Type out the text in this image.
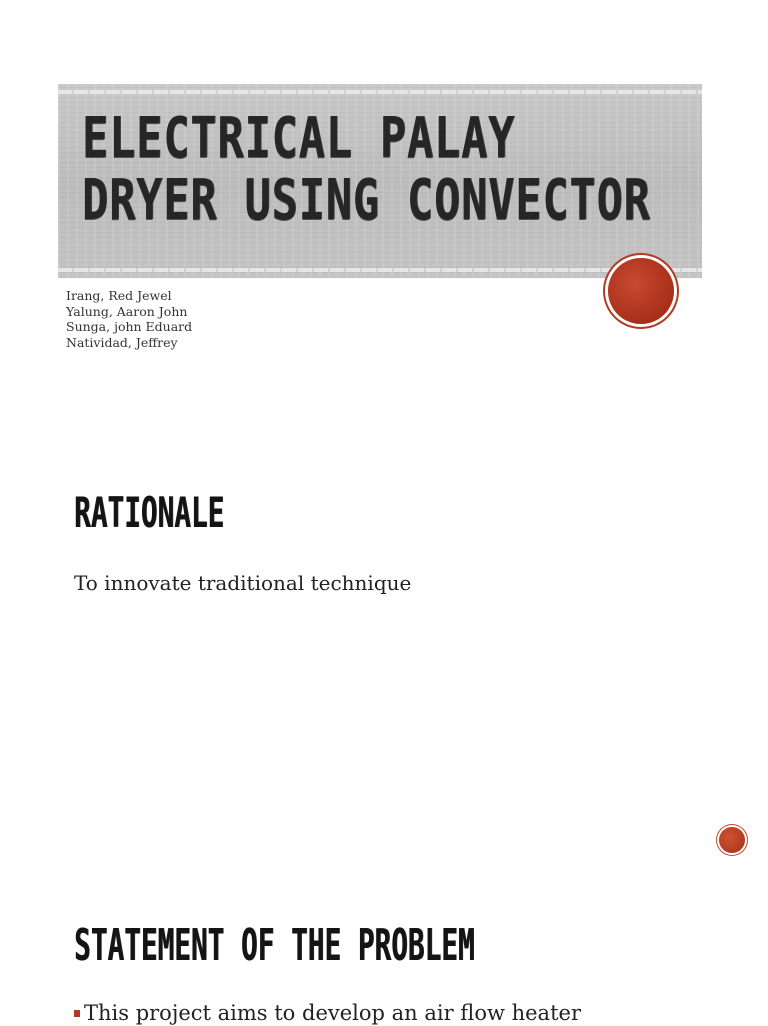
ELECTRICAL PALAY
DRYER USING CONVECTOR
Irang, Red Jewel
Yalung, Aaron John
Sunga, john Eduard
Natividad, Jeffrey
RATIONALE

To innovate traditional technique

STATEMENT OF THE PROBLEM

This project aims to develop an air flow heater
